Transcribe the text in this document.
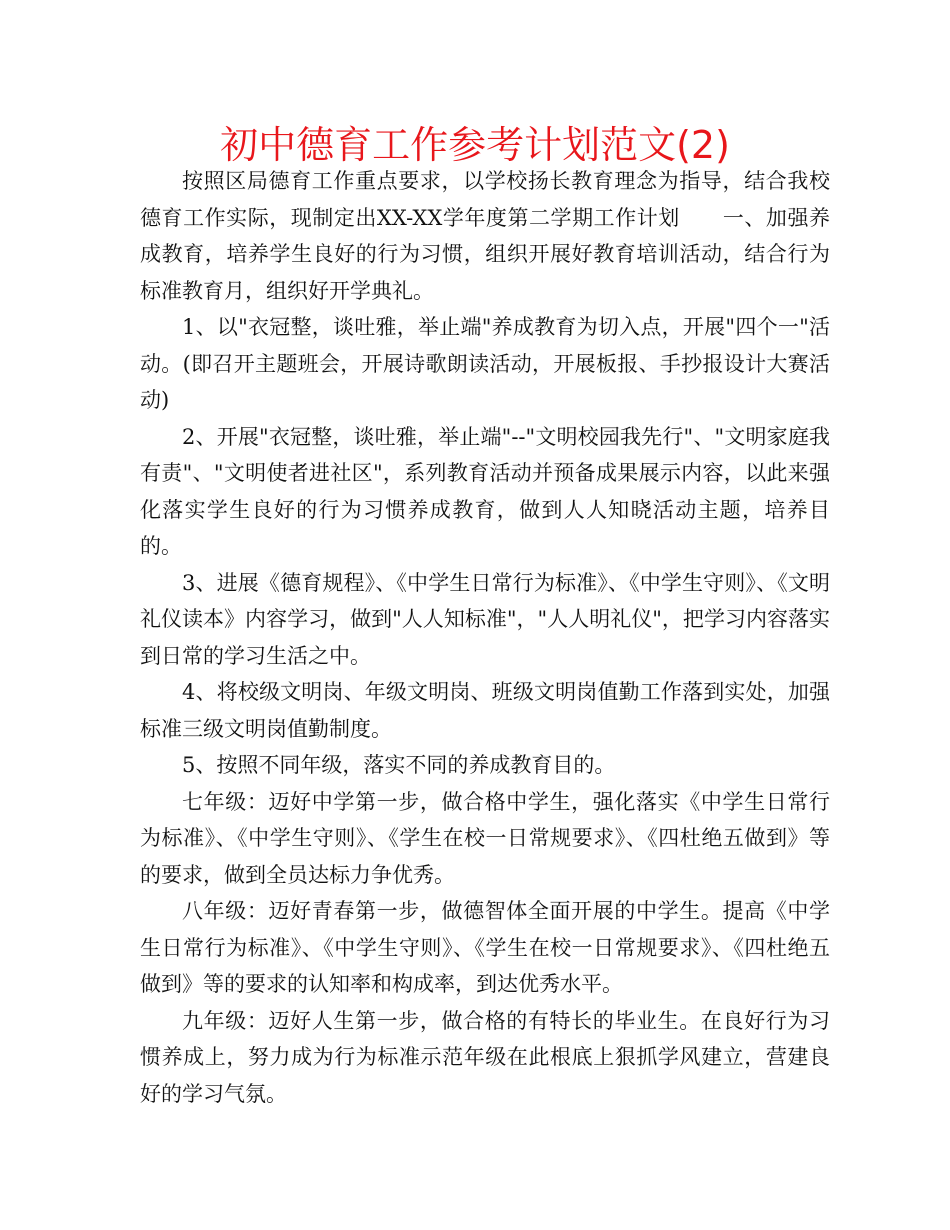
初中德育工作参考计划范文(2)

按照区局德育工作重点要求，以学校扬长教育理念为指导，结合我校德育工作实际，现制定出XX-XX学年度第二学期工作计划　　一、加强养成教育，培养学生良好的行为习惯，组织开展好教育培训活动，结合行为标准教育月，组织好开学典礼。

1、以"衣冠整，谈吐雅，举止端"养成教育为切入点，开展"四个一"活动。(即召开主题班会，开展诗歌朗读活动，开展板报、手抄报设计大赛活动)

2、开展"衣冠整，谈吐雅，举止端"--"文明校园我先行"、"文明家庭我有责"、"文明使者进社区"，系列教育活动并预备成果展示内容，以此来强化落实学生良好的行为习惯养成教育，做到人人知晓活动主题，培养目的。

3、进展《德育规程》、《中学生日常行为标准》、《中学生守则》、《文明礼仪读本》内容学习，做到"人人知标准"，"人人明礼仪"，把学习内容落实到日常的学习生活之中。

4、将校级文明岗、年级文明岗、班级文明岗值勤工作落到实处，加强标准三级文明岗值勤制度。

5、按照不同年级，落实不同的养成教育目的。

七年级：迈好中学第一步，做合格中学生，强化落实《中学生日常行为标准》、《中学生守则》、《学生在校一日常规要求》、《四杜绝五做到》等的要求，做到全员达标力争优秀。

八年级：迈好青春第一步，做德智体全面开展的中学生。提高《中学生日常行为标准》、《中学生守则》、《学生在校一日常规要求》、《四杜绝五做到》等的要求的认知率和构成率，到达优秀水平。

九年级：迈好人生第一步，做合格的有特长的毕业生。在良好行为习惯养成上，努力成为行为标准示范年级在此根底上狠抓学风建立，营建良好的学习气氛。
